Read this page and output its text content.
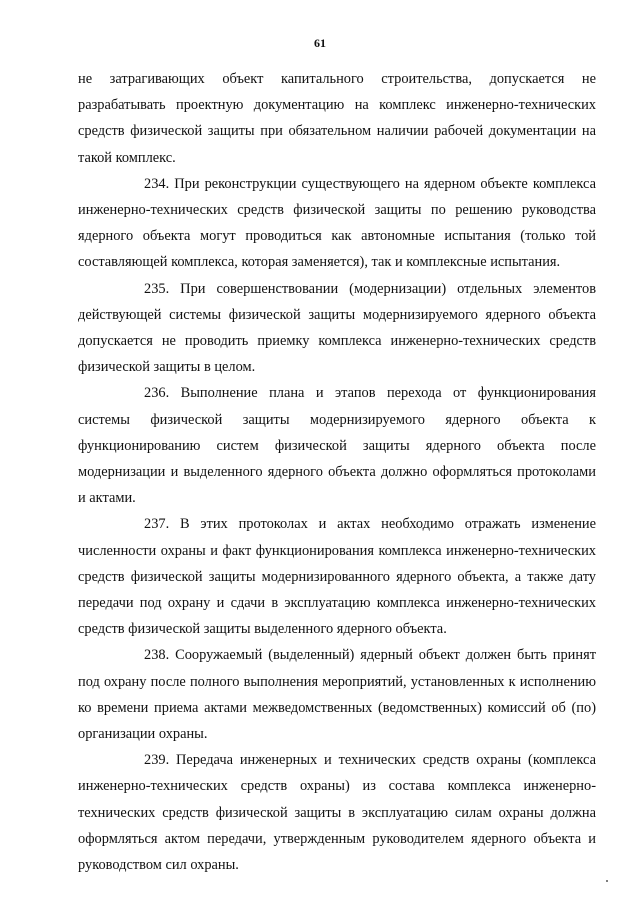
61

не затрагивающих объект капитального строительства, допускается не разрабатывать проектную документацию на комплекс инженерно-технических средств физической защиты при обязательном наличии рабочей документации на такой комплекс.

234. При реконструкции существующего на ядерном объекте комплекса инженерно-технических средств физической защиты по решению руководства ядерного объекта могут проводиться как автономные испытания (только той составляющей комплекса, которая заменяется), так и комплексные испытания.

235. При совершенствовании (модернизации) отдельных элементов действующей системы физической защиты модернизируемого ядерного объекта допускается не проводить приемку комплекса инженерно-технических средств физической защиты в целом.

236. Выполнение плана и этапов перехода от функционирования системы физической защиты модернизируемого ядерного объекта к функционированию систем физической защиты ядерного объекта после модернизации и выделенного ядерного объекта должно оформляться протоколами и актами.

237. В этих протоколах и актах необходимо отражать изменение численности охраны и факт функционирования комплекса инженерно-технических средств физической защиты модернизированного ядерного объекта, а также дату передачи под охрану и сдачи в эксплуатацию комплекса инженерно-технических средств физической защиты выделенного ядерного объекта.

238. Сооружаемый (выделенный) ядерный объект должен быть принят под охрану после полного выполнения мероприятий, установленных к исполнению ко времени приема актами межведомственных (ведомственных) комиссий об (по) организации охраны.

239. Передача инженерных и технических средств охраны (комплекса инженерно-технических средств охраны) из состава комплекса инженерно-технических средств физической защиты в эксплуатацию силам охраны должна оформляться актом передачи, утвержденным руководителем ядерного объекта и руководством сил охраны.
